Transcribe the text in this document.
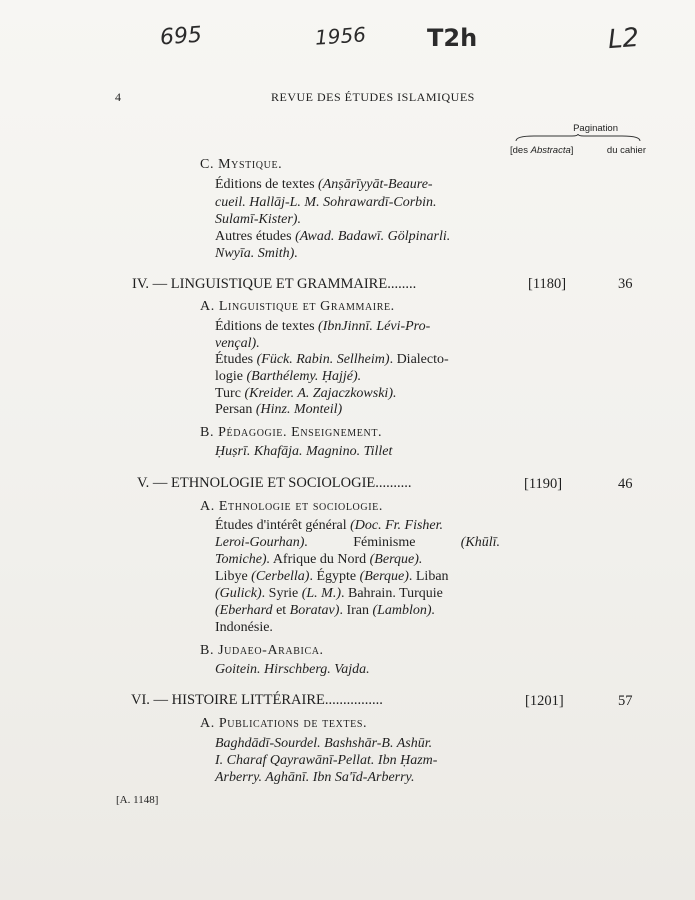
695	1956	T2h	L2
4	REVUE DES ÉTUDES ISLAMIQUES
Pagination
[des Abstracta]	du cahier
C. Mystique.
Éditions de textes (Anṣārīyyāt-Beaure-
cueil. Hallāj-L. M. Sohrawardī-Corbin.
Sulamī-Kister).
Autres études (Awad. Badawī. Gölpinarli.
Nwyīa. Smith).
IV. — LINGUISTIQUE ET GRAMMAIRE ........	[1180]	36
A. Linguistique et Grammaire.
Éditions de textes (IbnJinnī. Lévi-Pro-
vençal).
Études (Fück. Rabin. Sellheim). Dialecto-
logie (Barthélemy. Ḥajjé).
Turc (Kreider. A. Zajaczkowski).
Persan (Hinz. Monteil)
B. Pédagogie. Enseignement.
Ḥuṣrī. Khafāja. Magnino. Tillet
V. — ETHNOLOGIE ET SOCIOLOGIE ..........	[1190]	46
A. Ethnologie et sociologie.
Études d'intérêt général (Doc. Fr. Fisher.
Leroi-Gourhan).	Féminisme	(Khūlī.
Tomiche). Afrique du Nord (Berque).
Libye (Cerbella). Égypte (Berque). Liban
(Gulick). Syrie (L. M.). Bahrain. Turquie
(Eberhard et Boratav). Iran (Lamblon).
Indonésie.
B. Judaeo-Arabica.
Goitein. Hirschberg. Vajda.
VI. — HISTOIRE LITTÉRAIRE ................	[1201]	57
A. Publications de textes.
Baghdādī-Sourdel. Bashshār-B. Ashūr.
I. Charaf Qayrawānī-Pellat. Ibn Ḥazm-
Arberry. Aghānī. Ibn Sa'īd-Arberry.
[A. 1148]
